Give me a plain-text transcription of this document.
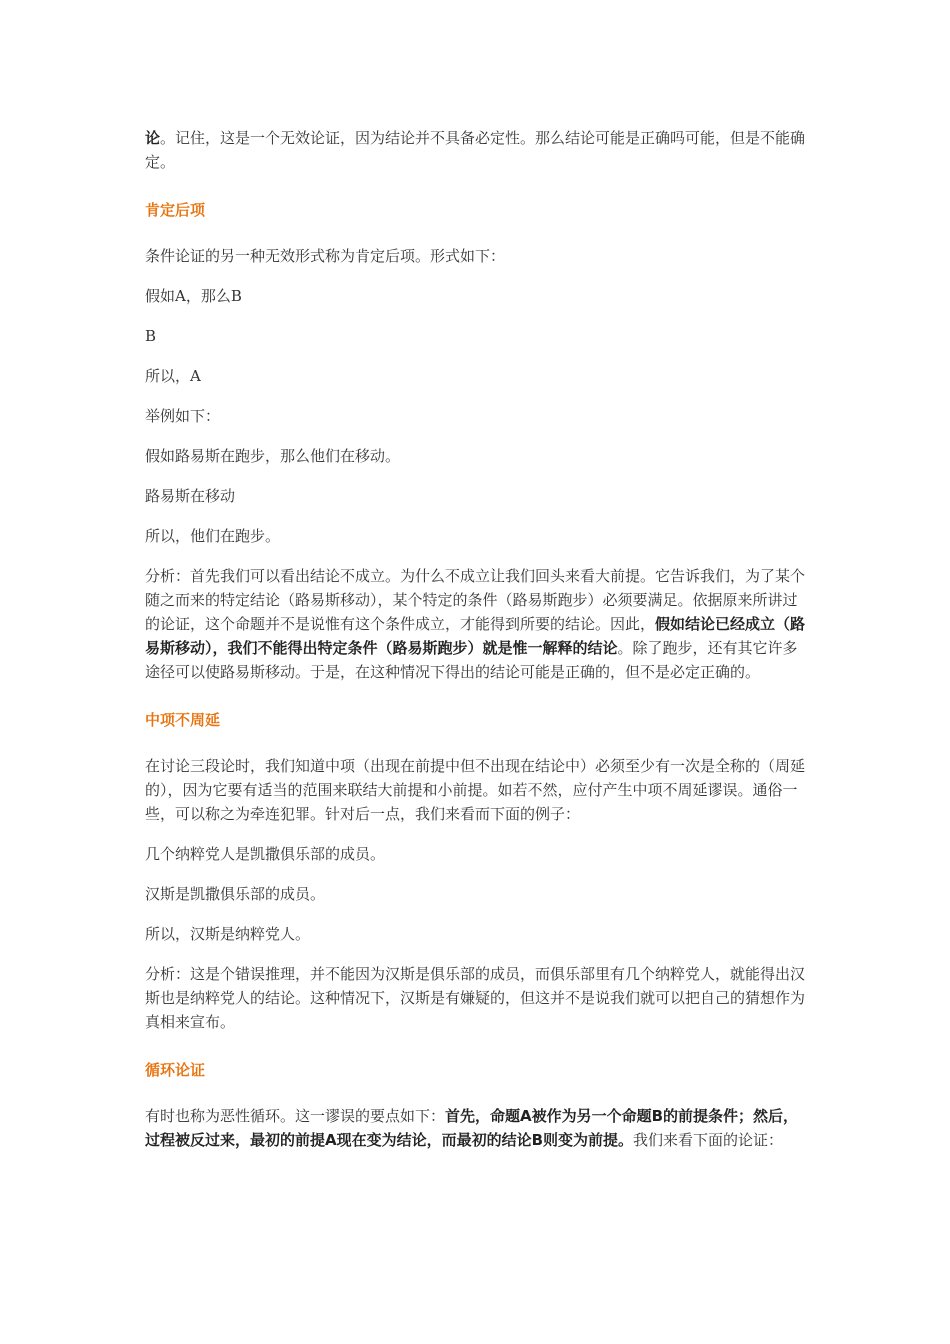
论。记住，这是一个无效论证，因为结论并不具备必定性。那么结论可能是正确吗可能，但是不能确定。

肯定后项

条件论证的另一种无效形式称为肯定后项。形式如下：

假如A，那么B

B

所以，A

举例如下：

假如路易斯在跑步，那么他们在移动。

路易斯在移动

所以，他们在跑步。

分析：首先我们可以看出结论不成立。为什么不成立让我们回头来看大前提。它告诉我们，为了某个随之而来的特定结论（路易斯移动），某个特定的条件（路易斯跑步）必须要满足。依据原来所讲过的论证，这个命题并不是说惟有这个条件成立，才能得到所要的结论。因此，假如结论已经成立（路易斯移动），我们不能得出特定条件（路易斯跑步）就是惟一解释的结论。除了跑步，还有其它许多途径可以使路易斯移动。于是，在这种情况下得出的结论可能是正确的，但不是必定正确的。

中项不周延

在讨论三段论时，我们知道中项（出现在前提中但不出现在结论中）必须至少有一次是全称的（周延的），因为它要有适当的范围来联结大前提和小前提。如若不然，应付产生中项不周延谬误。通俗一些，可以称之为牵连犯罪。针对后一点，我们来看而下面的例子：

几个纳粹党人是凯撒俱乐部的成员。

汉斯是凯撒俱乐部的成员。

所以，汉斯是纳粹党人。

分析：这是个错误推理，并不能因为汉斯是俱乐部的成员，而俱乐部里有几个纳粹党人，就能得出汉斯也是纳粹党人的结论。这种情况下，汉斯是有嫌疑的，但这并不是说我们就可以把自己的猜想作为真相来宣布。

循环论证

有时也称为恶性循环。这一谬误的要点如下：首先，命题A被作为另一个命题B的前提条件；然后，过程被反过来，最初的前提A现在变为结论，而最初的结论B则变为前提。我们来看下面的论证：
